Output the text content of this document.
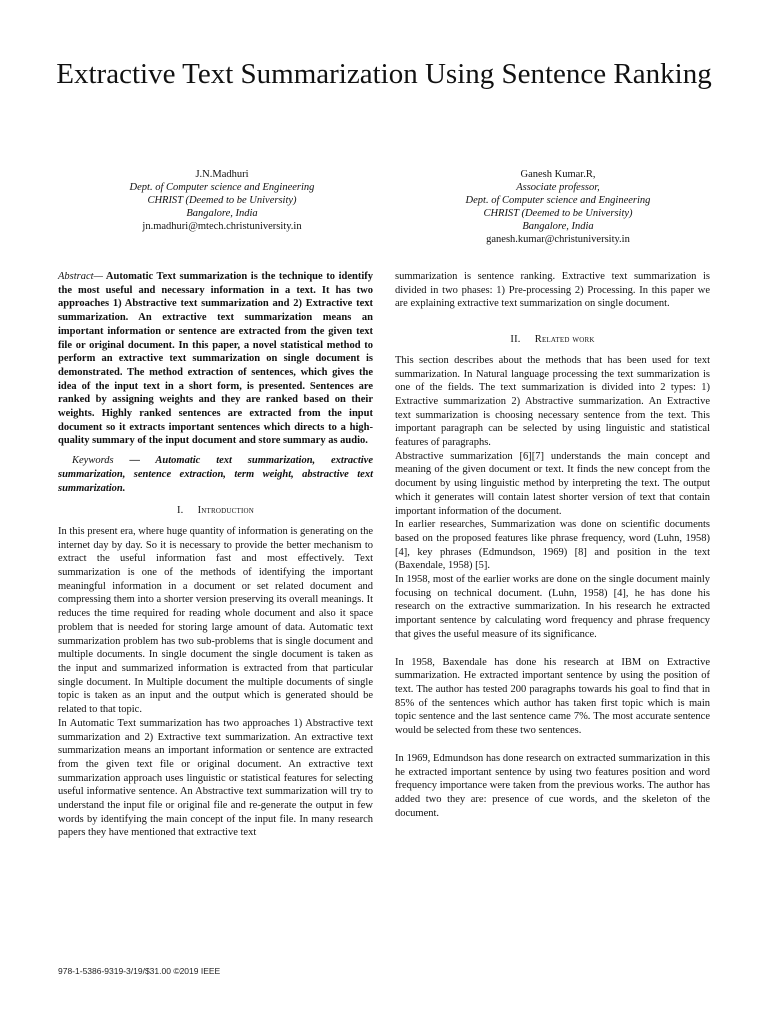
Extractive Text Summarization Using Sentence Ranking
J.N.Madhuri
Dept. of Computer science and Engineering
CHRIST (Deemed to be University)
Bangalore, India
jn.madhuri@mtech.christuniversity.in
Ganesh Kumar.R,
Associate professor,
Dept. of Computer science and Engineering
CHRIST (Deemed to be University)
Bangalore, India
ganesh.kumar@christuniversity.in

Abstract— Automatic Text summarization is the technique to identify the most useful and necessary information in a text. It has two approaches 1) Abstractive text summarization and 2) Extractive text summarization. An extractive text summarization means an important information or sentence are extracted from the given text file or original document. In this paper, a novel statistical method to perform an extractive text summarization on single document is demonstrated. The method extraction of sentences, which gives the idea of the input text in a short form, is presented. Sentences are ranked by assigning weights and they are ranked based on their weights. Highly ranked sentences are extracted from the input document so it extracts important sentences which directs to a high-quality summary of the input document and store summary as audio.

Keywords — Automatic text summarization, extractive summarization, sentence extraction, term weight, abstractive text summarization.

I. Introduction

In this present era, where huge quantity of information is generating on the internet day by day. So it is necessary to provide the better mechanism to extract the useful information fast and most effectively. Text summarization is one of the methods of identifying the important meaningful information in a document or set related document and compressing them into a shorter version preserving its overall meanings. It reduces the time required for reading whole document and also it space problem that is needed for storing large amount of data. Automatic text summarization problem has two sub-problems that is single document and multiple documents. In single document the single document is taken as the input and summarized information is extracted from that particular single document. In Multiple document the multiple documents of single topic is taken as an input and the output which is generated should be related to that topic.

In Automatic Text summarization has two approaches 1) Abstractive text summarization and 2) Extractive text summarization. An extractive text summarization means an important information or sentence are extracted from the given text file or original document. An extractive text summarization approach uses linguistic or statistical features for selecting useful informative sentence. An Abstractive text summarization will try to understand the input file or original file and re-generate the output in few words by identifying the main concept of the input file. In many research papers they have mentioned that extractive text

summarization is sentence ranking. Extractive text summarization is divided in two phases: 1) Pre-processing 2) Processing. In this paper we are explaining extractive text summarization on single document.

II. Related work

This section describes about the methods that has been used for text summarization. In Natural language processing the text summarization is one of the fields. The text summarization is divided into 2 types: 1) Extractive summarization 2) Abstractive summarization. An Extractive text summarization is choosing necessary sentence from the text. This important paragraph can be selected by using linguistic and statistical features of paragraphs.

Abstractive summarization [6][7] understands the main concept and meaning of the given document or text. It finds the new concept from the document by using linguistic method by interpreting the text. The output which it generates will contain latest shorter version of text that contain important information of the document.

In earlier researches, Summarization was done on scientific documents based on the proposed features like phrase frequency, word (Luhn, 1958) [4], key phrases (Edmundson, 1969) [8] and position in the text (Baxendale, 1958) [5].

In 1958, most of the earlier works are done on the single document mainly focusing on technical document. (Luhn, 1958) [4], he has done his research on the extractive summarization. In his research he extracted important sentence by calculating word frequency and phrase frequency that gives the useful measure of its significance.

In 1958, Baxendale has done his research at IBM on Extractive summarization. He extracted important sentence by using the position of text. The author has tested 200 paragraphs towards his goal to find that in 85% of the sentences which author has taken first topic which is main topic sentence and the last sentence came 7%. The most accurate sentence would be selected from these two sentences.

In 1969, Edmundson has done research on extracted summarization in this he extracted important sentence by using two features position and word frequency importance were taken from the previous works. The author has added two they are: presence of cue words, and the skeleton of the document.

978-1-5386-9319-3/19/$31.00 ©2019 IEEE
